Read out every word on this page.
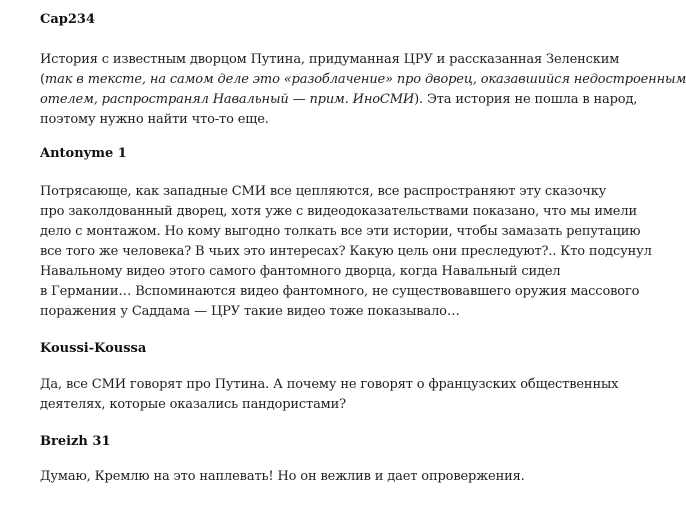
Cap234

История с известным дворцом Путина, придуманная ЦРУ и рассказанная Зеленским
(так в тексте, на самом деле это «разоблачение» про дворец, оказавшийся недостроенным
отелем, распространял Навальный — прим. ИноСМИ). Эта история не пошла в народ,
поэтому нужно найти что-то еще.

Antonyme 1

Потрясающе, как западные СМИ все цепляются, все распространяют эту сказочку
про заколдованный дворец, хотя уже с видеодоказательствами показано, что мы имели
дело с монтажом. Но кому выгодно толкать все эти истории, чтобы замазать репутацию
все того же человека? В чьих это интересах? Какую цель они преследуют?.. Кто подсунул
Навальному видео этого самого фантомного дворца, когда Навальный сидел
в Германии… Вспоминаются видео фантомного, не существовавшего оружия массового
поражения у Саддама — ЦРУ такие видео тоже показывало…

Koussi-Koussa

Да, все СМИ говорят про Путина. А почему не говорят о французских общественных
деятелях, которые оказались пандористами?

Breizh 31

Думаю, Кремлю на это наплевать! Но он вежлив и дает опровержения.
